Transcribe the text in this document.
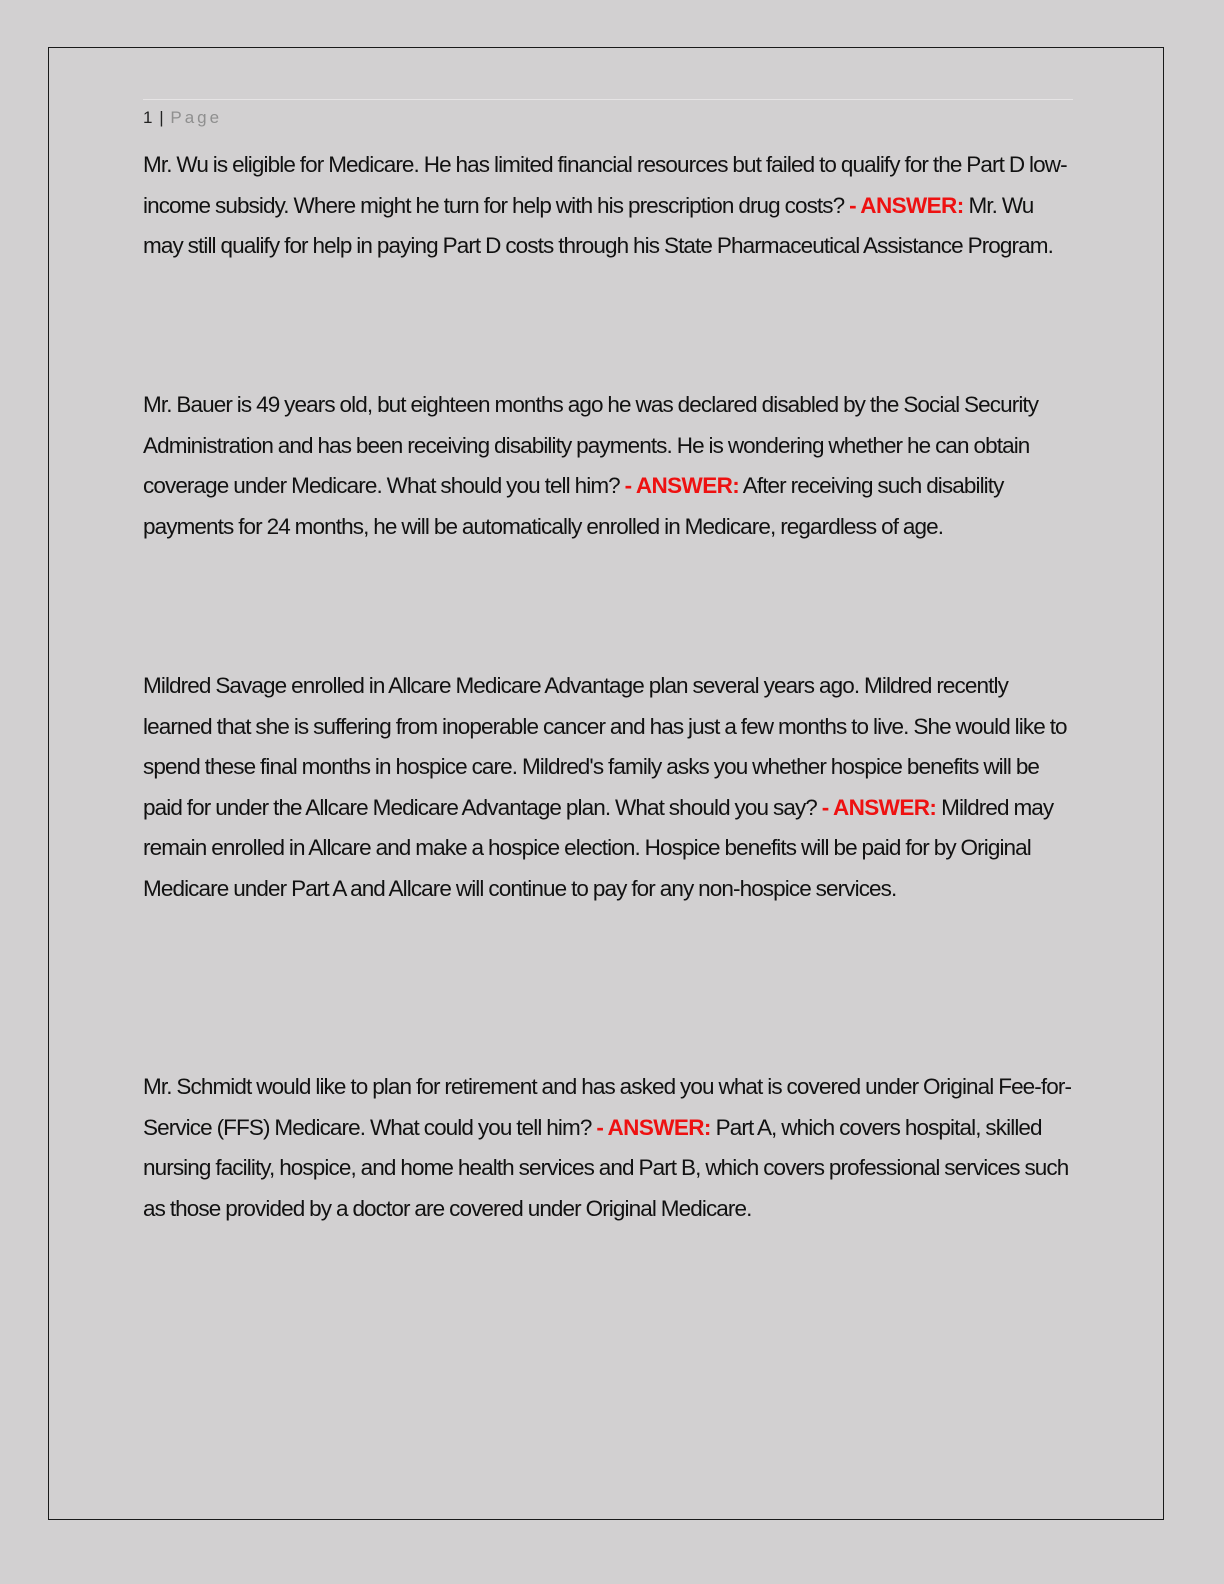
1 | Page

Mr. Wu is eligible for Medicare. He has limited financial resources but failed to qualify for the Part D low-income subsidy. Where might he turn for help with his prescription drug costs? - ANSWER: Mr. Wu may still qualify for help in paying Part D costs through his State Pharmaceutical Assistance Program.

Mr. Bauer is 49 years old, but eighteen months ago he was declared disabled by the Social Security Administration and has been receiving disability payments. He is wondering whether he can obtain coverage under Medicare. What should you tell him? - ANSWER: After receiving such disability payments for 24 months, he will be automatically enrolled in Medicare, regardless of age.

Mildred Savage enrolled in Allcare Medicare Advantage plan several years ago. Mildred recently learned that she is suffering from inoperable cancer and has just a few months to live. She would like to spend these final months in hospice care. Mildred's family asks you whether hospice benefits will be paid for under the Allcare Medicare Advantage plan. What should you say? - ANSWER: Mildred may remain enrolled in Allcare and make a hospice election. Hospice benefits will be paid for by Original Medicare under Part A and Allcare will continue to pay for any non-hospice services.

Mr. Schmidt would like to plan for retirement and has asked you what is covered under Original Fee-for-Service (FFS) Medicare. What could you tell him? - ANSWER: Part A, which covers hospital, skilled nursing facility, hospice, and home health services and Part B, which covers professional services such as those provided by a doctor are covered under Original Medicare.
